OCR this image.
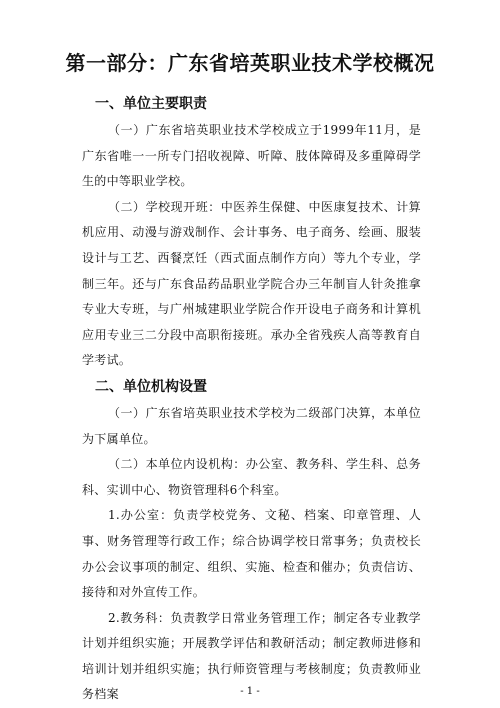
第一部分：广东省培英职业技术学校概况
一、单位主要职责

（一）广东省培英职业技术学校成立于1999年11月，是广东省唯一一所专门招收视障、听障、肢体障碍及多重障碍学生的中等职业学校。

（二）学校现开班：中医养生保健、中医康复技术、计算机应用、动漫与游戏制作、会计事务、电子商务、绘画、服装设计与工艺、西餐烹饪（西式面点制作方向）等九个专业，学制三年。还与广东食品药品职业学院合办三年制盲人针灸推拿专业大专班，与广州城建职业学院合作开设电子商务和计算机应用专业三二分段中高职衔接班。承办全省残疾人高等教育自学考试。

二、单位机构设置

（一）广东省培英职业技术学校为二级部门决算，本单位为下属单位。

（二）本单位内设机构：办公室、教务科、学生科、总务科、实训中心、物资管理科6个科室。

1.办公室：负责学校党务、文秘、档案、印章管理、人事、财务管理等行政工作；综合协调学校日常事务；负责校长办公会议事项的制定、组织、实施、检查和催办；负责信访、接待和对外宣传工作。

2.教务科：负责教学日常业务管理工作；制定各专业教学计划并组织实施；开展教学评估和教研活动；制定教师进修和培训计划并组织实施；执行师资管理与考核制度；负责教师业务档案	- 1 -
